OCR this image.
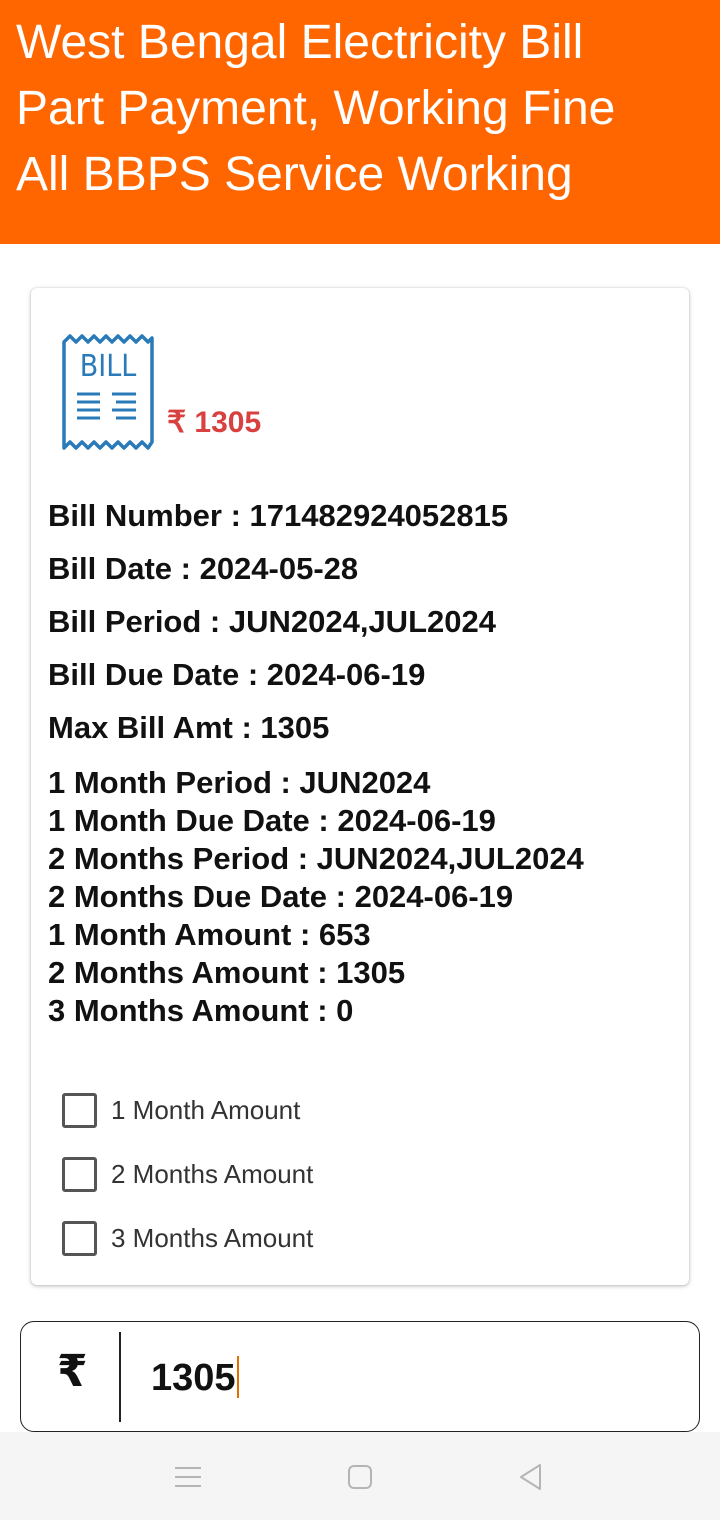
West Bengal Electricity Bill
Part Payment, Working Fine
All BBPS Service Working
BILL
₹ 1305
Bill Number : 171482924052815
Bill Date : 2024-05-28
Bill Period : JUN2024,JUL2024
Bill Due Date : 2024-06-19
Max Bill Amt : 1305
1 Month Period : JUN2024
1 Month Due Date : 2024-06-19
2 Months Period : JUN2024,JUL2024
2 Months Due Date : 2024-06-19
1 Month Amount : 653
2 Months Amount : 1305
3 Months Amount : 0
1 Month Amount
2 Months Amount
3 Months Amount
₹ 1305
